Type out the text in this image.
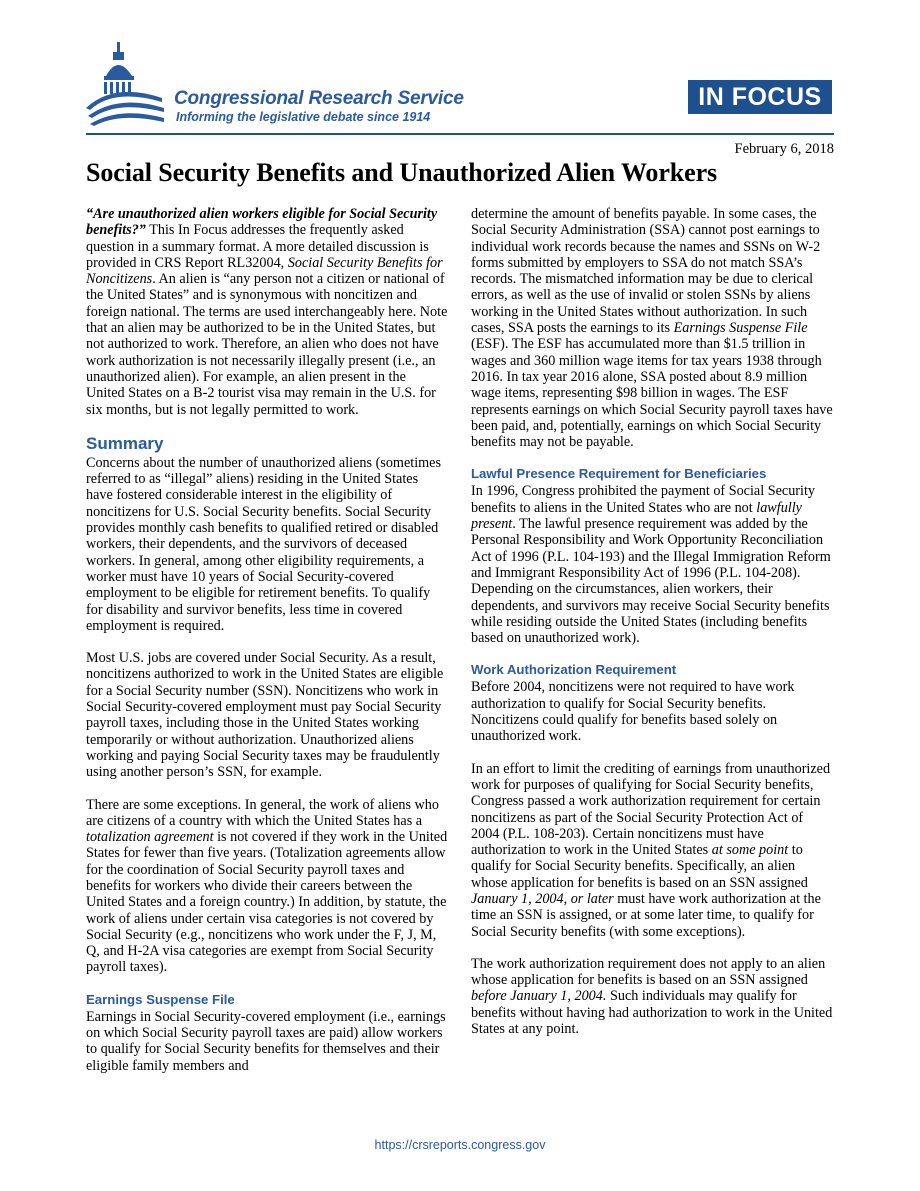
Congressional Research Service
Informing the legislative debate since 1914
IN FOCUS
February 6, 2018
Social Security Benefits and Unauthorized Alien Workers

“Are unauthorized alien workers eligible for Social Security benefits?” This In Focus addresses the frequently asked question in a summary format. A more detailed discussion is provided in CRS Report RL32004, Social Security Benefits for Noncitizens. An alien is “any person not a citizen or national of the United States” and is synonymous with noncitizen and foreign national. The terms are used interchangeably here. Note that an alien may be authorized to be in the United States, but not authorized to work. Therefore, an alien who does not have work authorization is not necessarily illegally present (i.e., an unauthorized alien). For example, an alien present in the United States on a B-2 tourist visa may remain in the U.S. for six months, but is not legally permitted to work.

Summary

Concerns about the number of unauthorized aliens (sometimes referred to as “illegal” aliens) residing in the United States have fostered considerable interest in the eligibility of noncitizens for U.S. Social Security benefits. Social Security provides monthly cash benefits to qualified retired or disabled workers, their dependents, and the survivors of deceased workers. In general, among other eligibility requirements, a worker must have 10 years of Social Security-covered employment to be eligible for retirement benefits. To qualify for disability and survivor benefits, less time in covered employment is required.

Most U.S. jobs are covered under Social Security. As a result, noncitizens authorized to work in the United States are eligible for a Social Security number (SSN). Noncitizens who work in Social Security-covered employment must pay Social Security payroll taxes, including those in the United States working temporarily or without authorization. Unauthorized aliens working and paying Social Security taxes may be fraudulently using another person’s SSN, for example.

There are some exceptions. In general, the work of aliens who are citizens of a country with which the United States has a totalization agreement is not covered if they work in the United States for fewer than five years. (Totalization agreements allow for the coordination of Social Security payroll taxes and benefits for workers who divide their careers between the United States and a foreign country.) In addition, by statute, the work of aliens under certain visa categories is not covered by Social Security (e.g., noncitizens who work under the F, J, M, Q, and H-2A visa categories are exempt from Social Security payroll taxes).

Earnings Suspense File

Earnings in Social Security-covered employment (i.e., earnings on which Social Security payroll taxes are paid) allow workers to qualify for Social Security benefits for themselves and their eligible family members and

determine the amount of benefits payable. In some cases, the Social Security Administration (SSA) cannot post earnings to individual work records because the names and SSNs on W-2 forms submitted by employers to SSA do not match SSA’s records. The mismatched information may be due to clerical errors, as well as the use of invalid or stolen SSNs by aliens working in the United States without authorization. In such cases, SSA posts the earnings to its Earnings Suspense File (ESF). The ESF has accumulated more than $1.5 trillion in wages and 360 million wage items for tax years 1938 through 2016. In tax year 2016 alone, SSA posted about 8.9 million wage items, representing $98 billion in wages. The ESF represents earnings on which Social Security payroll taxes have been paid, and, potentially, earnings on which Social Security benefits may not be payable.

Lawful Presence Requirement for Beneficiaries

In 1996, Congress prohibited the payment of Social Security benefits to aliens in the United States who are not lawfully present. The lawful presence requirement was added by the Personal Responsibility and Work Opportunity Reconciliation Act of 1996 (P.L. 104-193) and the Illegal Immigration Reform and Immigrant Responsibility Act of 1996 (P.L. 104-208). Depending on the circumstances, alien workers, their dependents, and survivors may receive Social Security benefits while residing outside the United States (including benefits based on unauthorized work).

Work Authorization Requirement

Before 2004, noncitizens were not required to have work authorization to qualify for Social Security benefits. Noncitizens could qualify for benefits based solely on unauthorized work.

In an effort to limit the crediting of earnings from unauthorized work for purposes of qualifying for Social Security benefits, Congress passed a work authorization requirement for certain noncitizens as part of the Social Security Protection Act of 2004 (P.L. 108-203). Certain noncitizens must have authorization to work in the United States at some point to qualify for Social Security benefits. Specifically, an alien whose application for benefits is based on an SSN assigned January 1, 2004, or later must have work authorization at the time an SSN is assigned, or at some later time, to qualify for Social Security benefits (with some exceptions).

The work authorization requirement does not apply to an alien whose application for benefits is based on an SSN assigned before January 1, 2004. Such individuals may qualify for benefits without having had authorization to work in the United States at any point.

https://crsreports.congress.gov
